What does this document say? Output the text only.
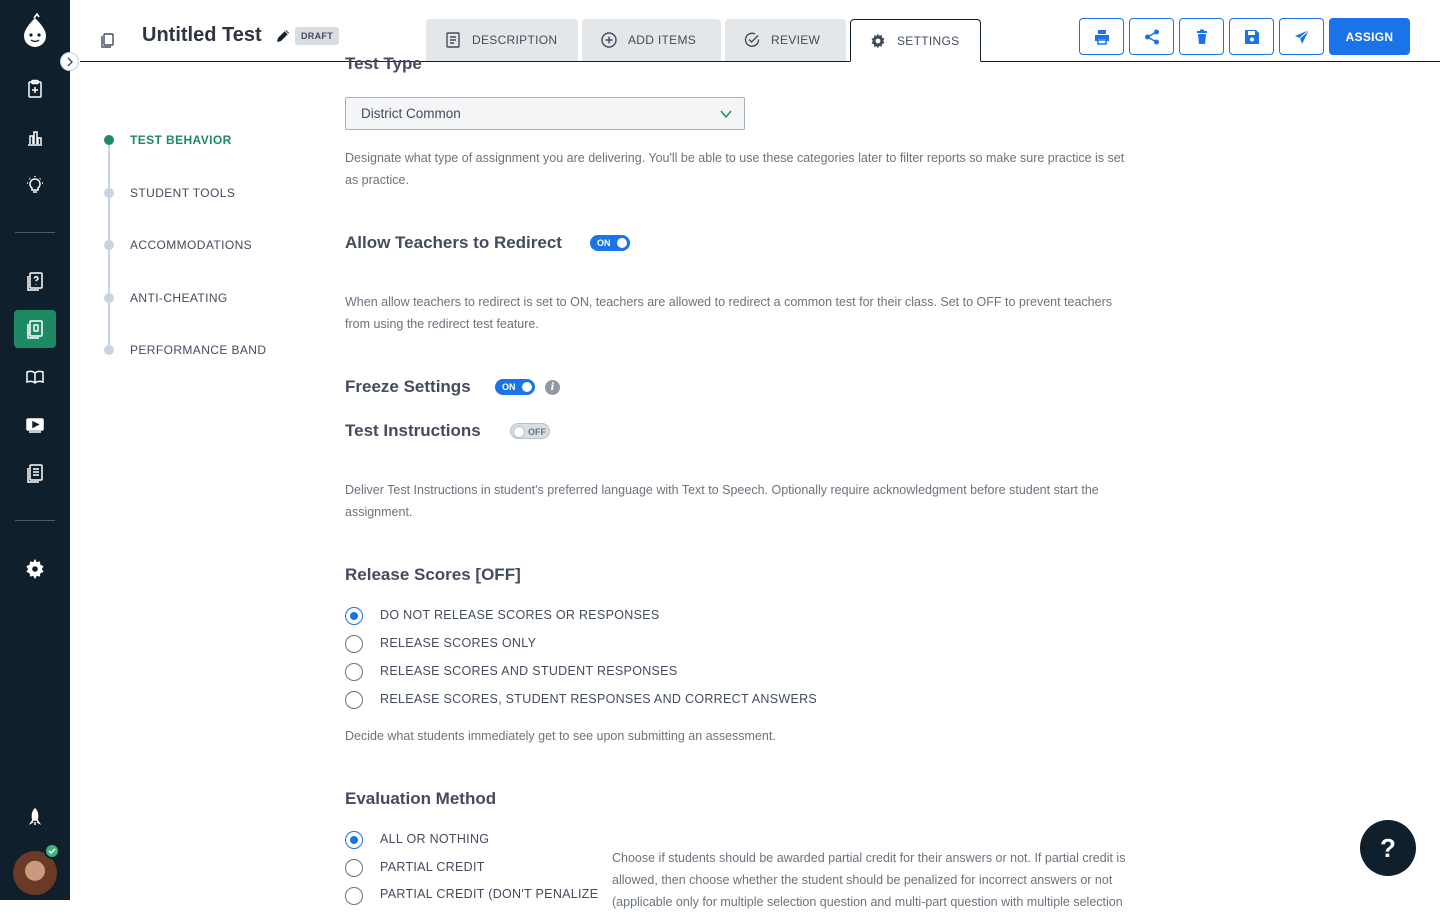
Untitled Test	DRAFT	DESCRIPTION	ADD ITEMS	REVIEW	SETTINGS	ASSIGN
TEST BEHAVIOR
STUDENT TOOLS
ACCOMMODATIONS
ANTI-CHEATING
PERFORMANCE BAND
Test Type
District Common
Designate what type of assignment you are delivering. You'll be able to use these categories later to filter reports so make sure practice is set as practice.
Allow Teachers to Redirect	ON
When allow teachers to redirect is set to ON, teachers are allowed to redirect a common test for their class. Set to OFF to prevent teachers from using the redirect test feature.
Freeze Settings	ON	i
Test Instructions	OFF
Deliver Test Instructions in student's preferred language with Text to Speech. Optionally require acknowledgment before student start the assignment.
Release Scores [OFF]
DO NOT RELEASE SCORES OR RESPONSES
RELEASE SCORES ONLY
RELEASE SCORES AND STUDENT RESPONSES
RELEASE SCORES, STUDENT RESPONSES AND CORRECT ANSWERS
Decide what students immediately get to see upon submitting an assessment.
Evaluation Method
ALL OR NOTHING
PARTIAL CREDIT
PARTIAL CREDIT (DON'T PENALIZE
Choose if students should be awarded partial credit for their answers or not. If partial credit is allowed, then choose whether the student should be penalized for incorrect answers or not (applicable only for multiple selection question and multi-part question with multiple selection
?
